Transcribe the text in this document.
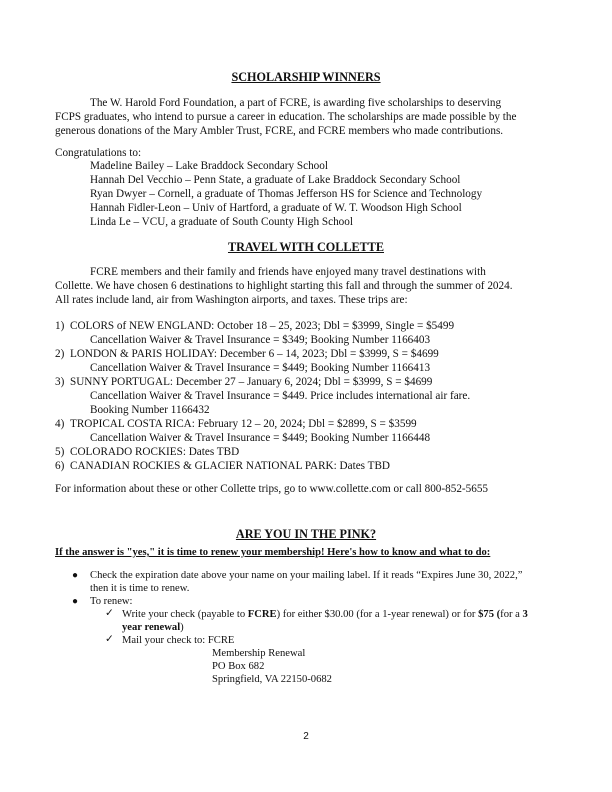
SCHOLARSHIP WINNERS
The W. Harold Ford Foundation, a part of FCRE, is awarding five scholarships to deserving
FCPS graduates, who intend to pursue a career in education. The scholarships are made possible by the
generous donations of the Mary Ambler Trust, FCRE, and FCRE members who made contributions.
Congratulations to:
Madeline Bailey – Lake Braddock Secondary School
Hannah Del Vecchio – Penn State, a graduate of Lake Braddock Secondary School
Ryan Dwyer – Cornell, a graduate of Thomas Jefferson HS for Science and Technology
Hannah Fidler-Leon – Univ of Hartford, a graduate of W. T. Woodson High School
Linda Le – VCU, a graduate of South County High School
TRAVEL WITH COLLETTE
FCRE members and their family and friends have enjoyed many travel destinations with
Collette. We have chosen 6 destinations to highlight starting this fall and through the summer of 2024.
All rates include land, air from Washington airports, and taxes. These trips are:
1) COLORS of NEW ENGLAND: October 18 – 25, 2023; Dbl = $3999, Single = $5499
Cancellation Waiver & Travel Insurance = $349; Booking Number 1166403
2) LONDON & PARIS HOLIDAY: December 6 – 14, 2023; Dbl = $3999, S = $4699
Cancellation Waiver & Travel Insurance = $449; Booking Number 1166413
3) SUNNY PORTUGAL: December 27 – January 6, 2024; Dbl = $3999, S = $4699
Cancellation Waiver & Travel Insurance = $449. Price includes international air fare.
Booking Number 1166432
4) TROPICAL COSTA RICA: February 12 – 20, 2024; Dbl = $2899, S = $3599
Cancellation Waiver & Travel Insurance = $449; Booking Number 1166448
5) COLORADO ROCKIES: Dates TBD
6) CANADIAN ROCKIES & GLACIER NATIONAL PARK: Dates TBD
For information about these or other Collette trips, go to www.collette.com or call 800-852-5655
ARE YOU IN THE PINK?
If the answer is "yes," it is time to renew your membership! Here's how to know and what to do:
● Check the expiration date above your name on your mailing label. If it reads “Expires June 30, 2022,”
then it is time to renew.
● To renew:
✓ Write your check (payable to FCRE) for either $30.00 (for a 1-year renewal) or for $75 (for a 3
year renewal)
✓ Mail your check to: FCRE
Membership Renewal
PO Box 682
Springfield, VA 22150-0682
2
